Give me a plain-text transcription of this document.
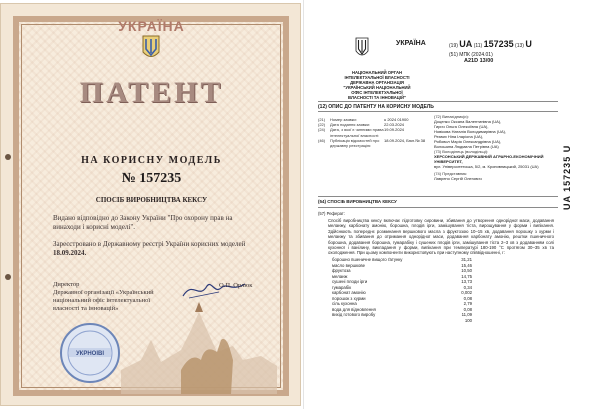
УКРАЇНА
ПАТЕНТ
НА КОРИСНУ МОДЕЛЬ
№ 157235
СПОСІБ ВИРОБНИЦТВА КЕКСУ
Видано відповідно до Закону України "Про охорону прав на винаходи і корисні моделі".
Зареєстровано в Державному реєстрі України корисних моделей 18.09.2024.
Директор
Державної організації «Український
національний офіс інтелектуальної
власності та інновацій»
О.П. Орлюк
УКРНОІВІ
УКРАЇНА	(19) UA (11) 157235 (13) U
(51) МПК (2024.01)
A21D 13/00
НАЦІОНАЛЬНИЙ ОРГАН
ІНТЕЛЕКТУАЛЬНОЇ ВЛАСНОСТІ
ДЕРЖАВНА ОРГАНІЗАЦІЯ
"УКРАЇНСЬКИЙ НАЦІОНАЛЬНИЙ
ОФІС ІНТЕЛЕКТУАЛЬНОЇ
ВЛАСНОСТІ ТА ІННОВАЦІЙ"
(12) ОПИС ДО ПАТЕНТУ НА КОРИСНУ МОДЕЛЬ
(21)	Номер заявки:	u 2024 01900
(22)	Дата подання заявки:	22.03.2024
(24)	Дата, з якої є чинними права інтелектуальної власності:
19.09.2024
(46)	Публікація відомостей про державну реєстрацію:
18.09.2024, Бюл.№ 38
(72) Винахідник(и):
Доценко Оксана Валентинівна (UA),
Гирич Ольга Олексіївна (UA),
Новікова Наталія Володимирівна (UA),
Резвих Ніна Іларіона (UA),
Рябовол Марія Олександрівна (UA),
Волошина Людмила Петрівна (UA)
(73) Володілець (володільці):
ХЕРСОНСЬКИЙ ДЕРЖАВНИЙ АГРАРНО-ЕКОНОМІЧНИЙ УНІВЕРСИТЕТ,
вул. Університетська, 5/2, м. Кропивницький, 25031 (UA)
(74) Представник:
Лаврено Сергій Олегович
(54) СПОСІБ ВИРОБНИЦТВА КЕКСУ
(57) Реферат:
Спосіб виробництва кексу включає підготовку сировини, збивання до утворення однорідної маси, додавання меланжу, карбонату амонію, борошна, плодів ірги, замішування тіста, вирощування у форми і випікання. Здійснюють попереднє розминання вершкового масла з фруктозою 10–15 хв, додавання порошку з хурми і меланжу та збивання до отримання однорідної маси, додавання карбонату амонію, рештки пшеничного борошна, додавання борошна, гумарабіку і сушених плодів ірги, замішування тіста 2–3 хв з додаванням солі кухонної і ванілину, викладання у форми, випікання при температурі 180-190 °С протягом 30–35 хв та охолодження. При цьому компоненти використовують при наступному співвідношенні, г:
борошно пшеничне вищого ґатунку	31,21
масло вершкове	15,46
фруктоза	10,50
меланж	14,75
сушені плоди ірги	13,73
гумарабік	0,34
карбонат амонію	0,002
порошок з хурми	0,08
сіль кухонна	2,79
вода для відновлення	0,08
вихід готового виробу	11,09
100
UA 157235 U
